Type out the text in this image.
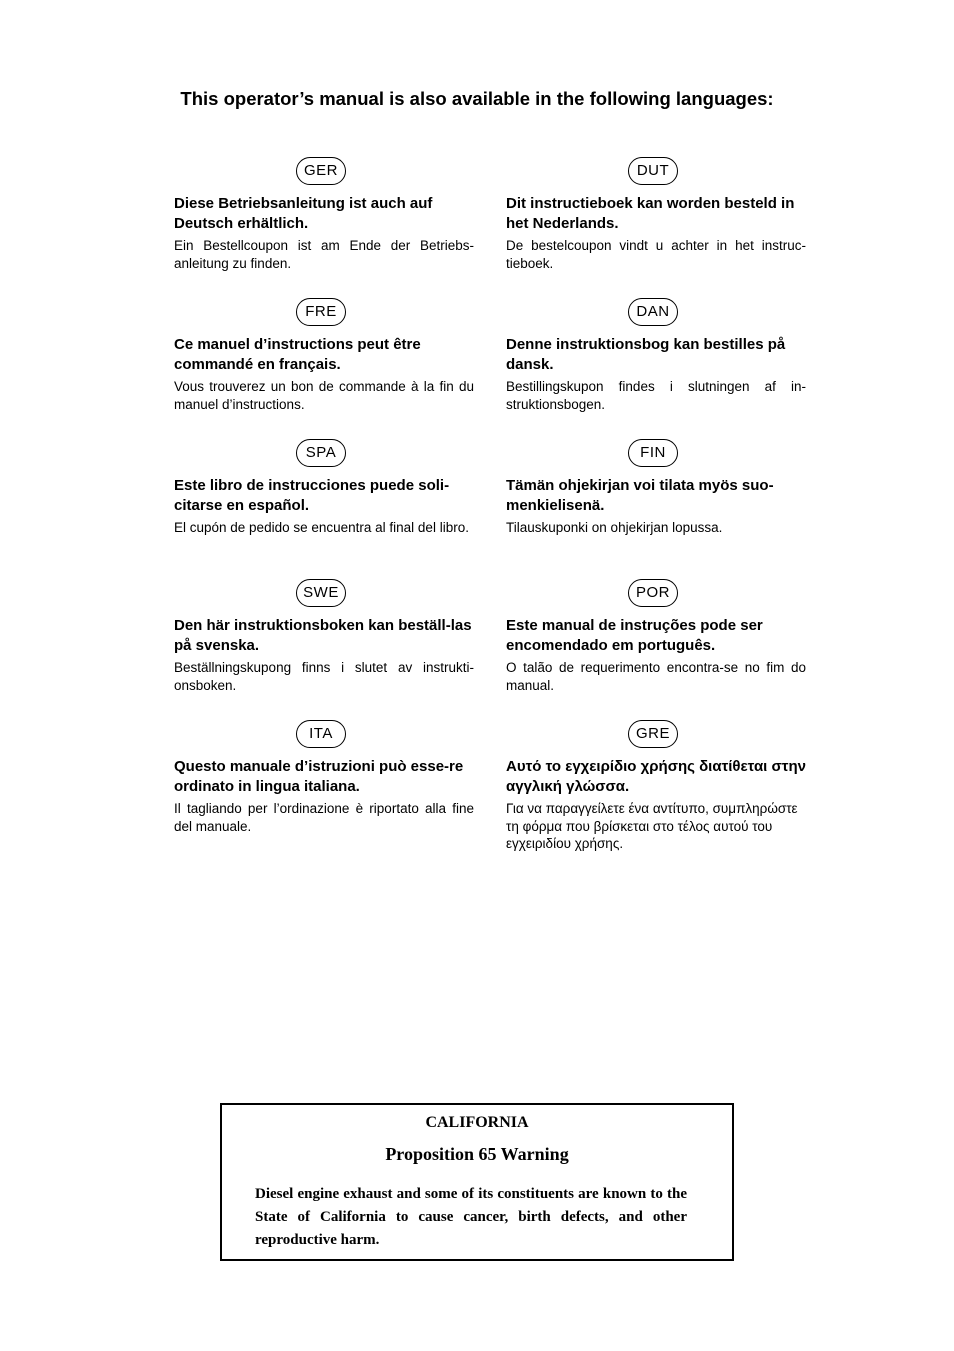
This operator’s manual is also available in the following languages:
GER
Diese Betriebsanleitung ist auch auf Deutsch erhältlich.
Ein Bestellcoupon ist am Ende der Betriebs-anleitung zu finden.
FRE
Ce manuel d’instructions peut être commandé en français.
Vous trouverez un bon de commande à la fin du manuel d’instructions.
SPA
Este libro de instrucciones puede soli-citarse en español.
El cupón de pedido se encuentra al final del libro.
SWE
Den här instruktionsboken kan beställ-las på svenska.
Beställningskupong finns i slutet av instrukti-onsboken.
ITA
Questo manuale d’istruzioni può esse-re ordinato in lingua italiana.
Il tagliando per l’ordinazione è riportato alla fine del manuale.
DUT
Dit instructieboek kan worden besteld in het Nederlands.
De bestelcoupon vindt u achter in het instruc-tieboek.
DAN
Denne instruktionsbog kan bestilles på dansk.
Bestillingskupon findes i slutningen af in-struktionsbogen.
FIN
Tämän ohjekirjan voi tilata myös suo-menkielisenä.
Tilauskuponki on ohjekirjan lopussa.
POR
Este manual de instruções pode ser encomendado em português.
O talão de requerimento encontra-se no fim do manual.
GRE
Αυτό το εγχειρίδιο χρήσης διατίθεται στην αγγλική γλώσσα.
Για να παραγγείλετε ένα αντίτυπο, συμπληρώστε τη φόρμα που βρίσκεται στο τέλος αυτού του εγχειριδίου χρήσης.
CALIFORNIA
Proposition 65 Warning
Diesel engine exhaust and some of its constituents are known to the State of California to cause cancer, birth defects, and other reproductive harm.
